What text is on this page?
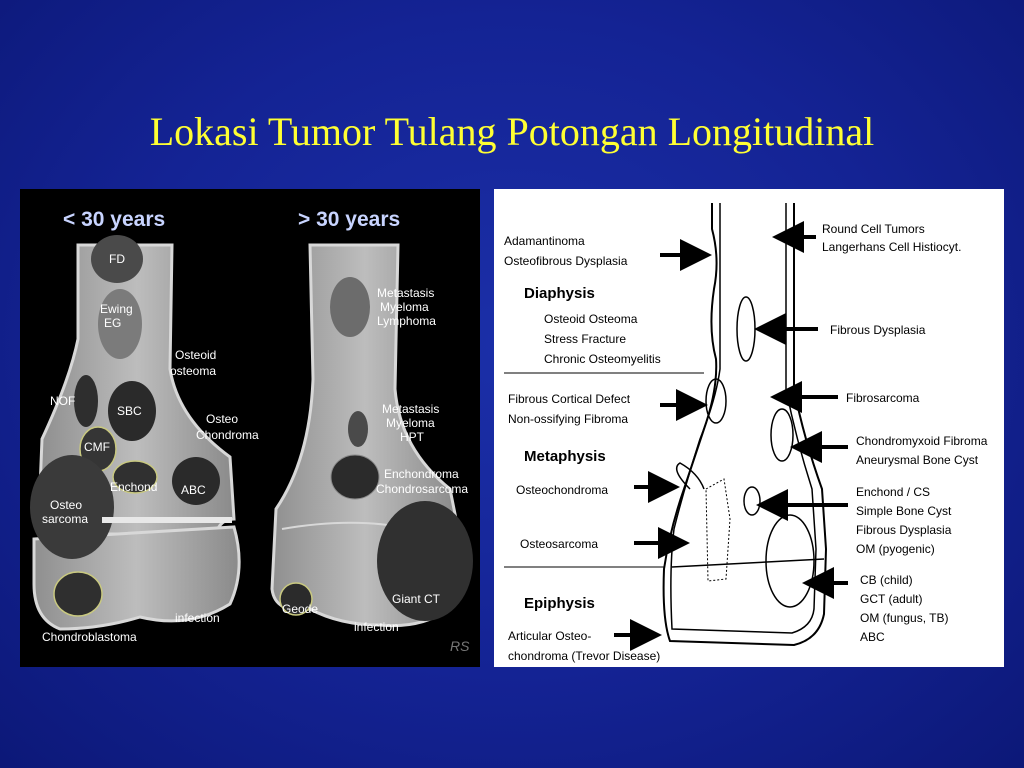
Lokasi Tumor Tulang Potongan Longitudinal
< 30 years	> 30 years
FD
Ewing
EG
Osteoid
osteoma
NOF
SBC
Osteo
Chondroma
CMF
Enchond ABC
Osteo
sarcoma
infection
Chondroblastoma
Metastasis
Myeloma
Lymphoma
Metastasis
Myeloma
HPT
Enchondroma
Chondrosarcoma
Giant CT
Geode
infection
RS
Diaphysis
Metaphysis
Epiphysis
Adamantinoma
Osteofibrous Dysplasia
Osteoid Osteoma
Stress Fracture
Chronic Osteomyelitis
Fibrous Cortical Defect
Non-ossifying Fibroma
Osteochondroma
Osteosarcoma
Articular Osteo-
chondroma (Trevor Disease)
Round Cell Tumors
Langerhans Cell Histiocyt.
Fibrous Dysplasia
Fibrosarcoma
Chondromyxoid Fibroma
Aneurysmal Bone Cyst
Enchond / CS
Simple Bone Cyst
Fibrous Dysplasia
OM (pyogenic)
CB (child)
GCT (adult)
OM (fungus, TB)
ABC
